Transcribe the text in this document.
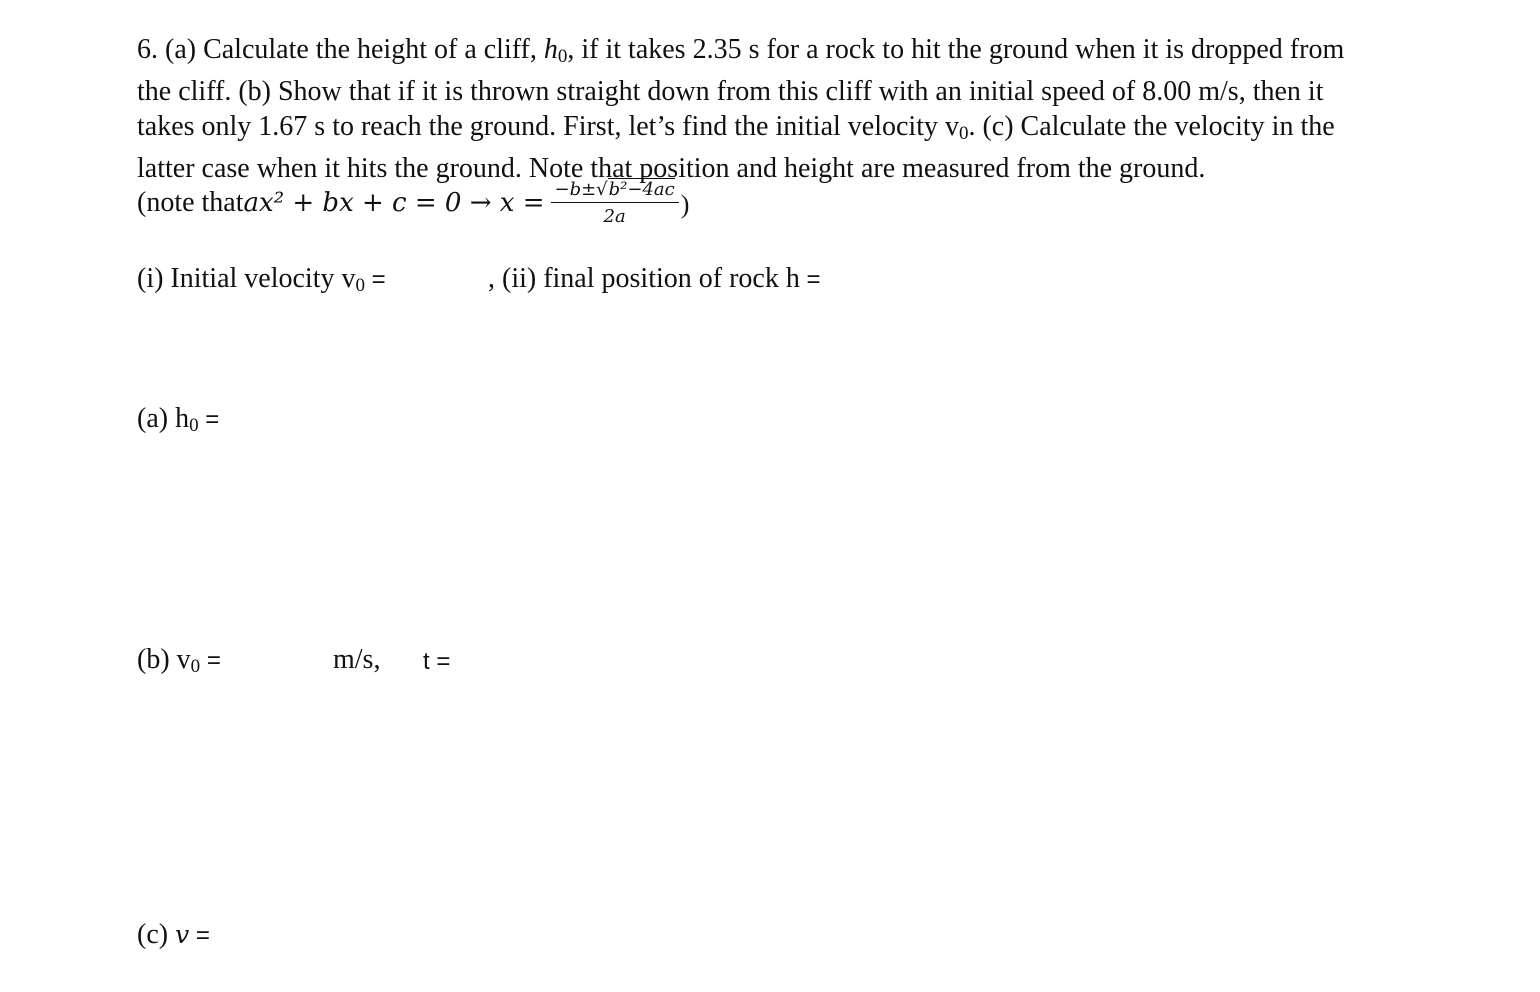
6. (a) Calculate the height of a cliff, $h_0$, if it takes 2.35 s for a rock to hit the ground when it is dropped from
the cliff. (b) Show that if it is thrown straight down from this cliff with an initial speed of 8.00 m/s, then it
takes only 1.67 s to reach the ground. First, let’s find the initial velocity $v_0$. (c) Calculate the velocity in the
latter case when it hits the ground. Note that position and height are measured from the ground.
(note that ax² + bx + $c = 0 \to x = \frac{\text{−b±√b²−4ac}}{2a}$ )
(i) Initial velocity $v_0$ =	, (ii) final position of rock h =
(a) $h_0$ =
(b) $v_0$ =	m/s, t =
(c) v =
